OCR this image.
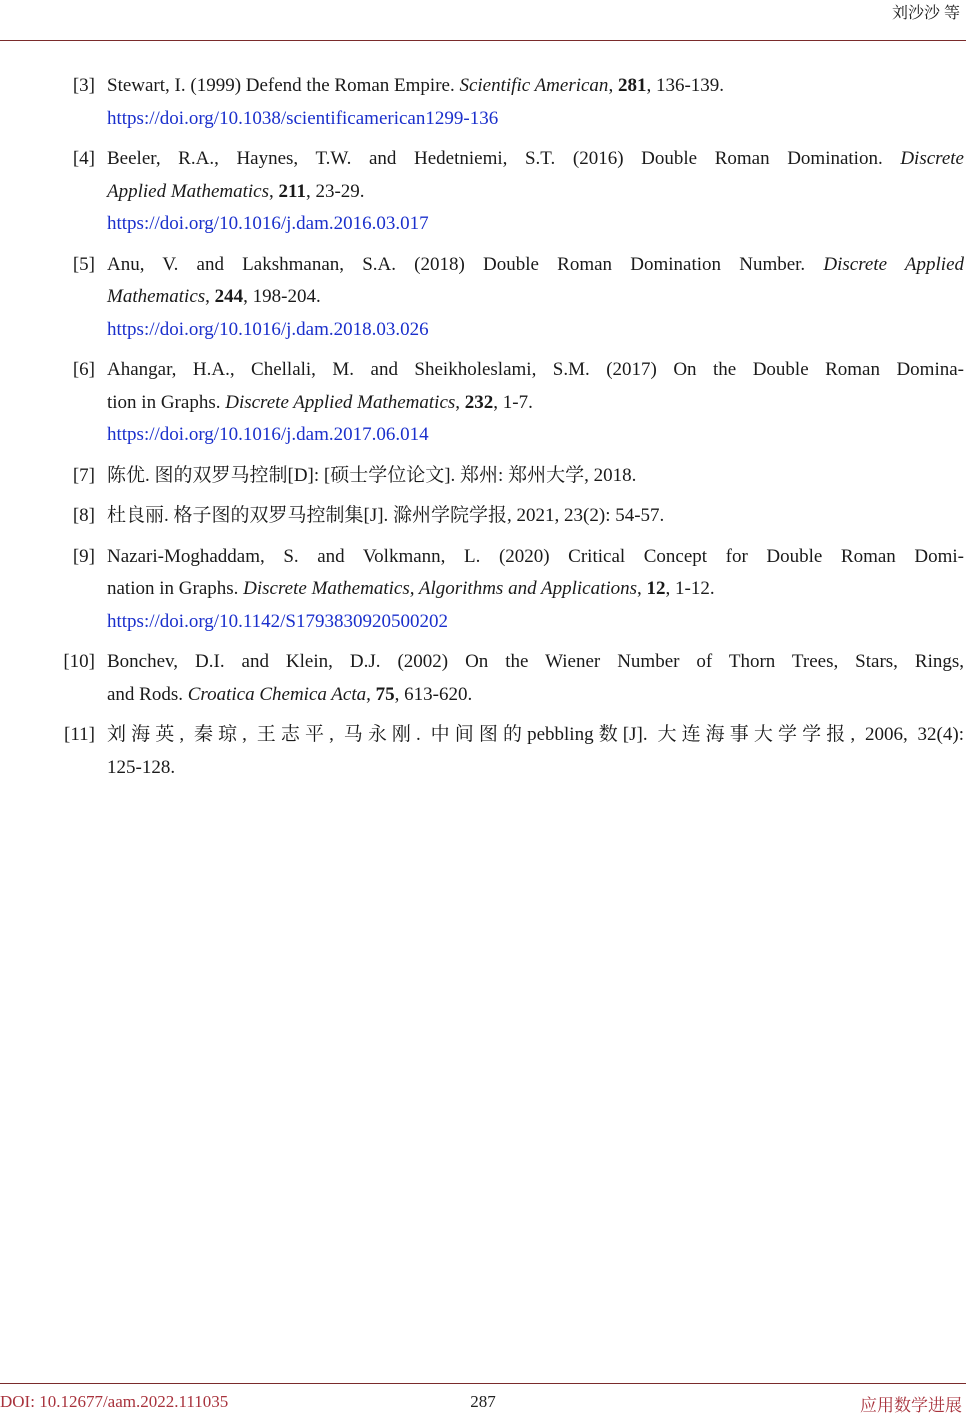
刘沙沙 等
[3] Stewart, I. (1999) Defend the Roman Empire. Scientific American, 281, 136-139.
https://doi.org/10.1038/scientificamerican1299-136
[4] Beeler, R.A., Haynes, T.W. and Hedetniemi, S.T. (2016) Double Roman Domination. Discrete
Applied Mathematics, 211, 23-29.
https://doi.org/10.1016/j.dam.2016.03.017
[5] Anu, V. and Lakshmanan, S.A. (2018) Double Roman Domination Number. Discrete Applied
Mathematics, 244, 198-204.
https://doi.org/10.1016/j.dam.2018.03.026
[6] Ahangar, H.A., Chellali, M. and Sheikholeslami, S.M. (2017) On the Double Roman Domina-
tion in Graphs. Discrete Applied Mathematics, 232, 1-7.
https://doi.org/10.1016/j.dam.2017.06.014
[7] 陈优. 图的双罗马控制[D]: [硕士学位论文]. 郑州: 郑州大学, 2018.
[8] 杜良丽. 格子图的双罗马控制集[J]. 滁州学院学报, 2021, 23(2): 54-57.
[9] Nazari-Moghaddam, S. and Volkmann, L. (2020) Critical Concept for Double Roman Domi-
nation in Graphs. Discrete Mathematics, Algorithms and Applications, 12, 1-12.
https://doi.org/10.1142/S1793830920500202
[10] Bonchev, D.I. and Klein, D.J. (2002) On the Wiener Number of Thorn Trees, Stars, Rings,
and Rods. Croatica Chemica Acta, 75, 613-620.
[11] 刘海英, 秦琼, 王志平, 马永刚. 中间图的pebbling数[J]. 大连海事大学学报, 2006, 32(4):
125-128.
DOI: 10.12677/aam.2022.111035	287	应用数学进展
